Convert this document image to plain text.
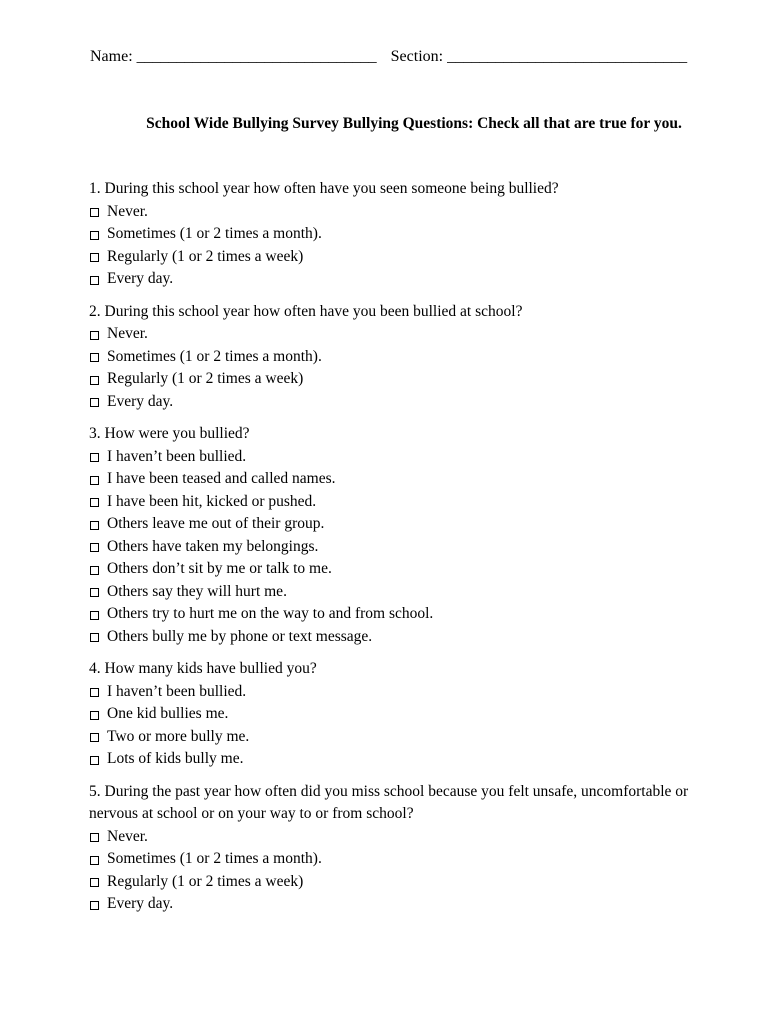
Name: ______________________________ Section: ______________________________
School Wide Bullying Survey Bullying Questions: Check all that are true for you.
1. During this school year how often have you seen someone being bullied?
Never.
Sometimes (1 or 2 times a month).
Regularly (1 or 2 times a week)
Every day.
2. During this school year how often have you been bullied at school?
Never.
Sometimes (1 or 2 times a month).
Regularly (1 or 2 times a week)
Every day.
3. How were you bullied?
I haven’t been bullied.
I have been teased and called names.
I have been hit, kicked or pushed.
Others leave me out of their group.
Others have taken my belongings.
Others don’t sit by me or talk to me.
Others say they will hurt me.
Others try to hurt me on the way to and from school.
Others bully me by phone or text message.
4. How many kids have bullied you?
I haven’t been bullied.
One kid bullies me.
Two or more bully me.
Lots of kids bully me.
5. During the past year how often did you miss school because you felt unsafe, uncomfortable or nervous at school or on your way to or from school?
Never.
Sometimes (1 or 2 times a month).
Regularly (1 or 2 times a week)
Every day.
